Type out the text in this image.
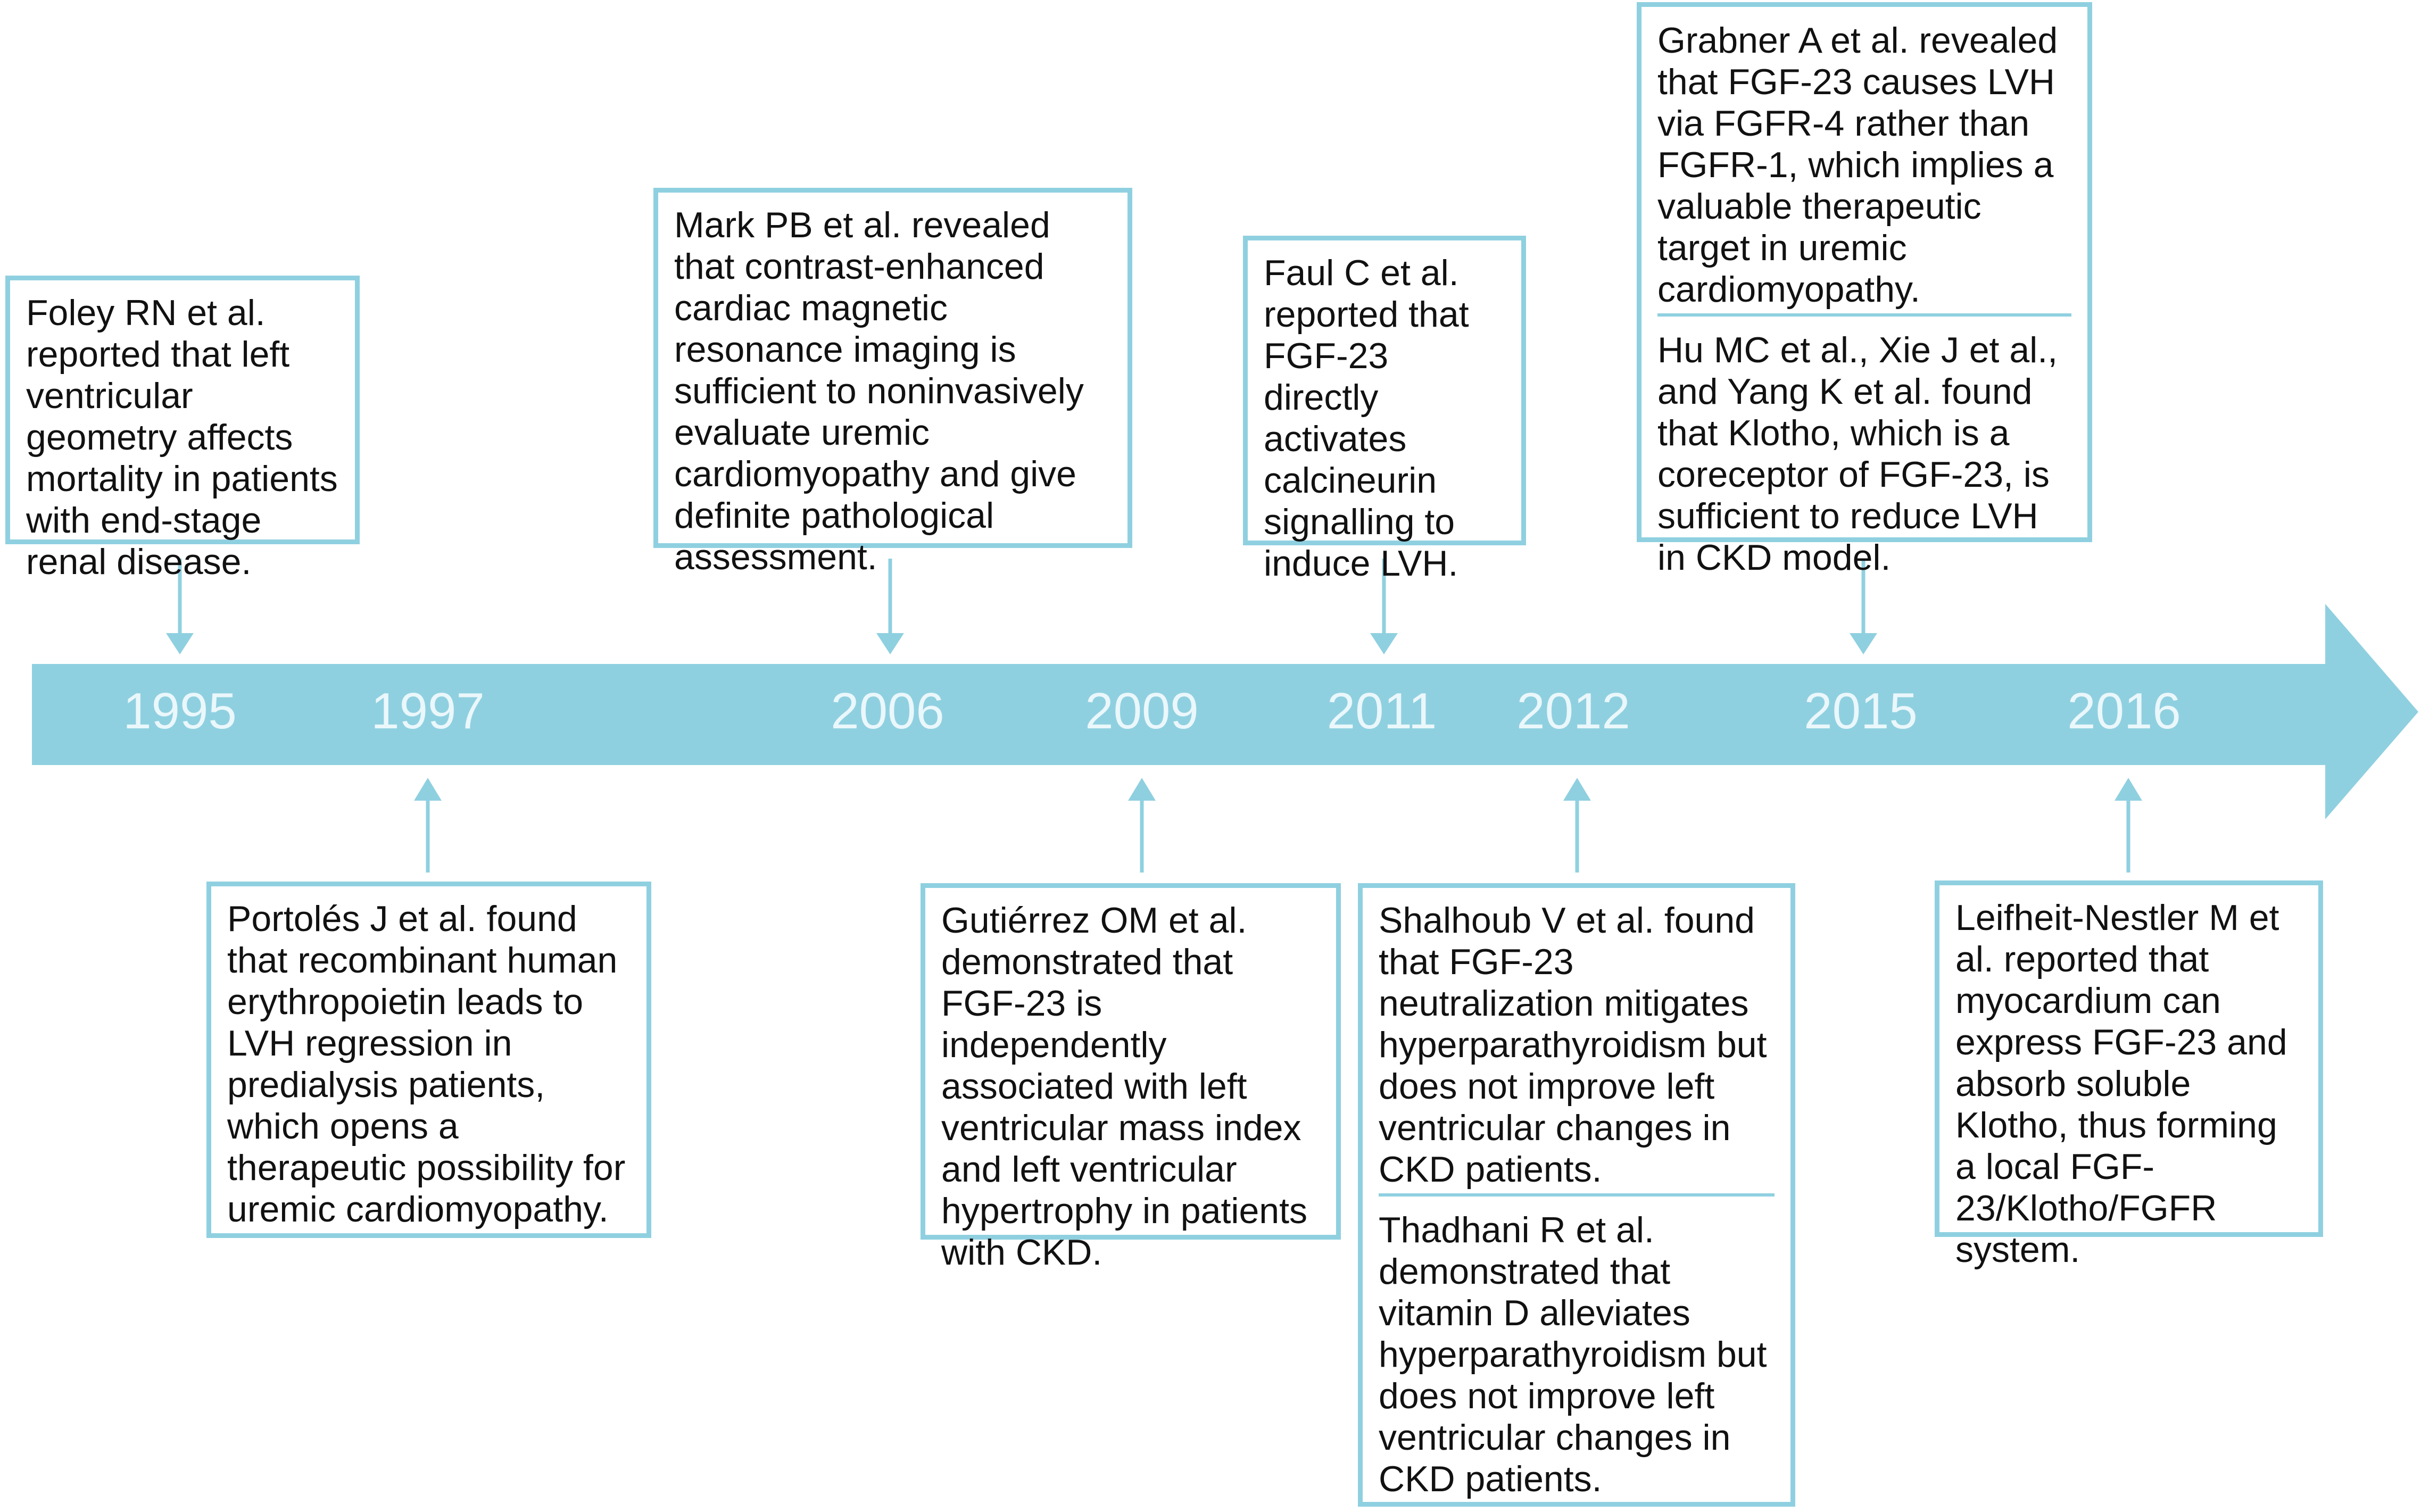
1995	1997	2006	2009	2011	2012	2015	2016

Foley RN et al. reported that left ventricular geometry affects mortality in patients with end-stage renal disease.

Mark PB et al. revealed that contrast-enhanced cardiac magnetic resonance imaging is sufficient to noninvasively evaluate uremic cardiomyopathy and give definite pathological assessment.

Faul C et al. reported that FGF-23 directly activates calcineurin signalling to induce LVH.

Grabner A et al. revealed that FGF-23 causes LVH via FGFR-4 rather than FGFR-1, which implies a valuable therapeutic target in uremic cardiomyopathy.

Hu MC et al., Xie J et al., and Yang K et al. found that Klotho, which is a coreceptor of FGF-23, is sufficient to reduce LVH in CKD model.

Portolés J et al. found that recombinant human erythropoietin leads to LVH regression in predialysis patients, which opens a therapeutic possibility for uremic cardiomyopathy.

Gutiérrez OM et al. demonstrated that FGF-23 is independently associated with left ventricular mass index and left ventricular hypertrophy in patients with CKD.

Shalhoub V et al. found that FGF-23 neutralization mitigates hyperparathyroidism but does not improve left ventricular changes in CKD patients.

Thadhani R et al. demonstrated that vitamin D alleviates hyperparathyroidism but does not improve left ventricular changes in CKD patients.

Leifheit-Nestler M et al. reported that myocardium can express FGF-23 and absorb soluble Klotho, thus forming a local FGF-23/Klotho/FGFR system.
